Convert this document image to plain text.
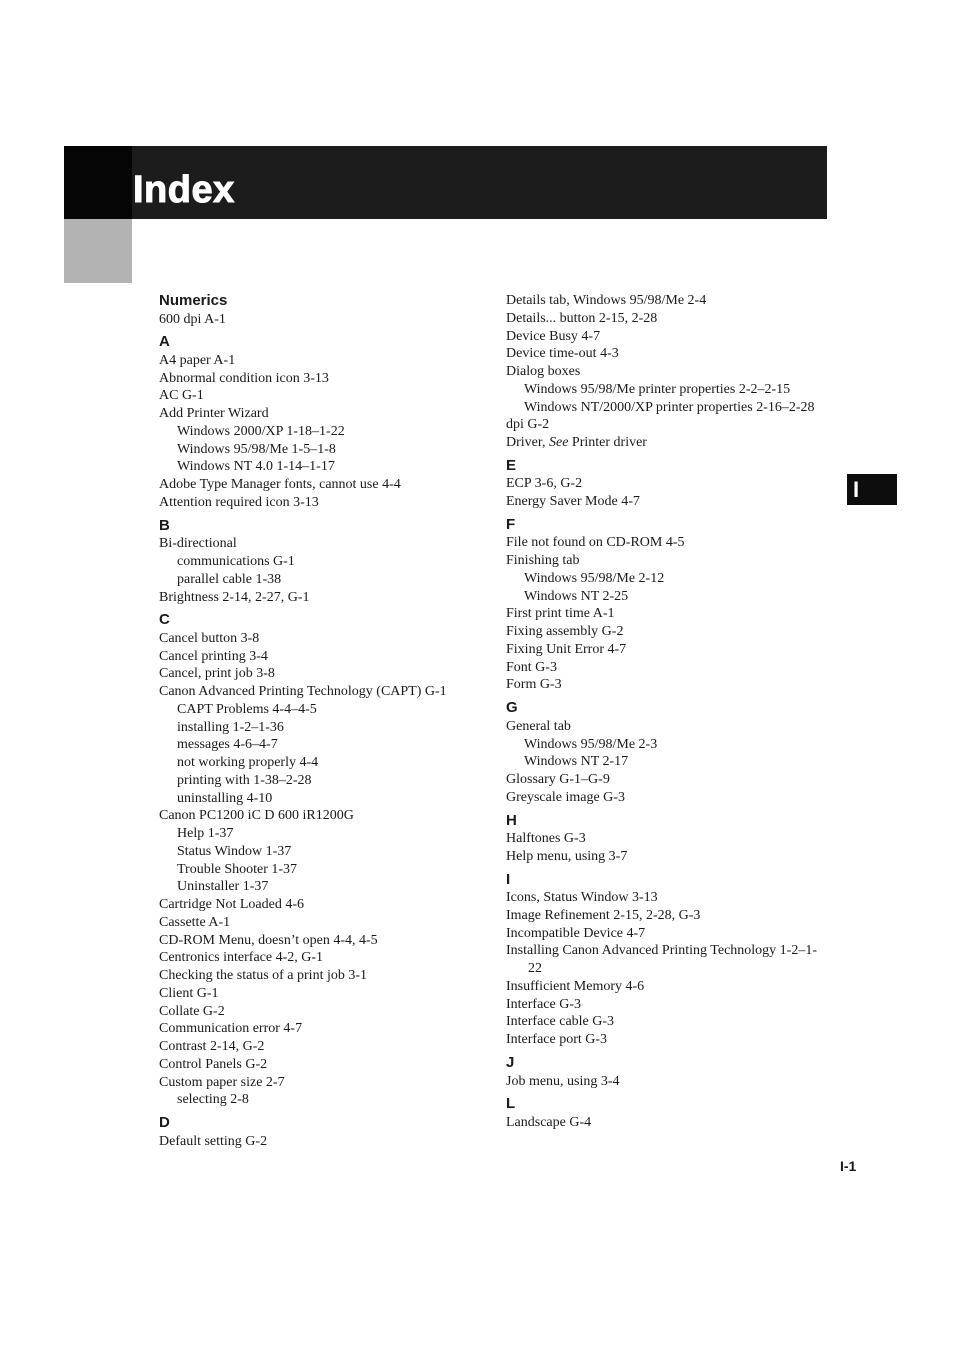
Index
I
Numerics
600 dpi A-1
A
A4 paper A-1
Abnormal condition icon 3-13
AC G-1
Add Printer Wizard
Windows 2000/XP 1-18–1-22
Windows 95/98/Me 1-5–1-8
Windows NT 4.0 1-14–1-17
Adobe Type Manager fonts, cannot use 4-4
Attention required icon 3-13
B
Bi-directional
communications G-1
parallel cable 1-38
Brightness 2-14, 2-27, G-1
C
Cancel button 3-8
Cancel printing 3-4
Cancel, print job 3-8
Canon Advanced Printing Technology (CAPT) G-1
CAPT Problems 4-4–4-5
installing 1-2–1-36
messages 4-6–4-7
not working properly 4-4
printing with 1-38–2-28
uninstalling 4-10
Canon PC1200 iC D 600 iR1200G
Help 1-37
Status Window 1-37
Trouble Shooter 1-37
Uninstaller 1-37
Cartridge Not Loaded 4-6
Cassette A-1
CD-ROM Menu, doesn’t open 4-4, 4-5
Centronics interface 4-2, G-1
Checking the status of a print job 3-1
Client G-1
Collate G-2
Communication error 4-7
Contrast 2-14, G-2
Control Panels G-2
Custom paper size 2-7
selecting 2-8
D
Default setting G-2
Details tab, Windows 95/98/Me 2-4
Details... button 2-15, 2-28
Device Busy 4-7
Device time-out 4-3
Dialog boxes
Windows 95/98/Me printer properties 2-2–2-15
Windows NT/2000/XP printer properties 2-16–2-28
dpi G-2
Driver, See Printer driver
E
ECP 3-6, G-2
Energy Saver Mode 4-7
F
File not found on CD-ROM 4-5
Finishing tab
Windows 95/98/Me 2-12
Windows NT 2-25
First print time A-1
Fixing assembly G-2
Fixing Unit Error 4-7
Font G-3
Form G-3
G
General tab
Windows 95/98/Me 2-3
Windows NT 2-17
Glossary G-1–G-9
Greyscale image G-3
H
Halftones G-3
Help menu, using 3-7
I
Icons, Status Window 3-13
Image Refinement 2-15, 2-28, G-3
Incompatible Device 4-7
Installing Canon Advanced Printing Technology 1-2–1-
22
Insufficient Memory 4-6
Interface G-3
Interface cable G-3
Interface port G-3
J
Job menu, using 3-4
L
Landscape G-4
I-1
